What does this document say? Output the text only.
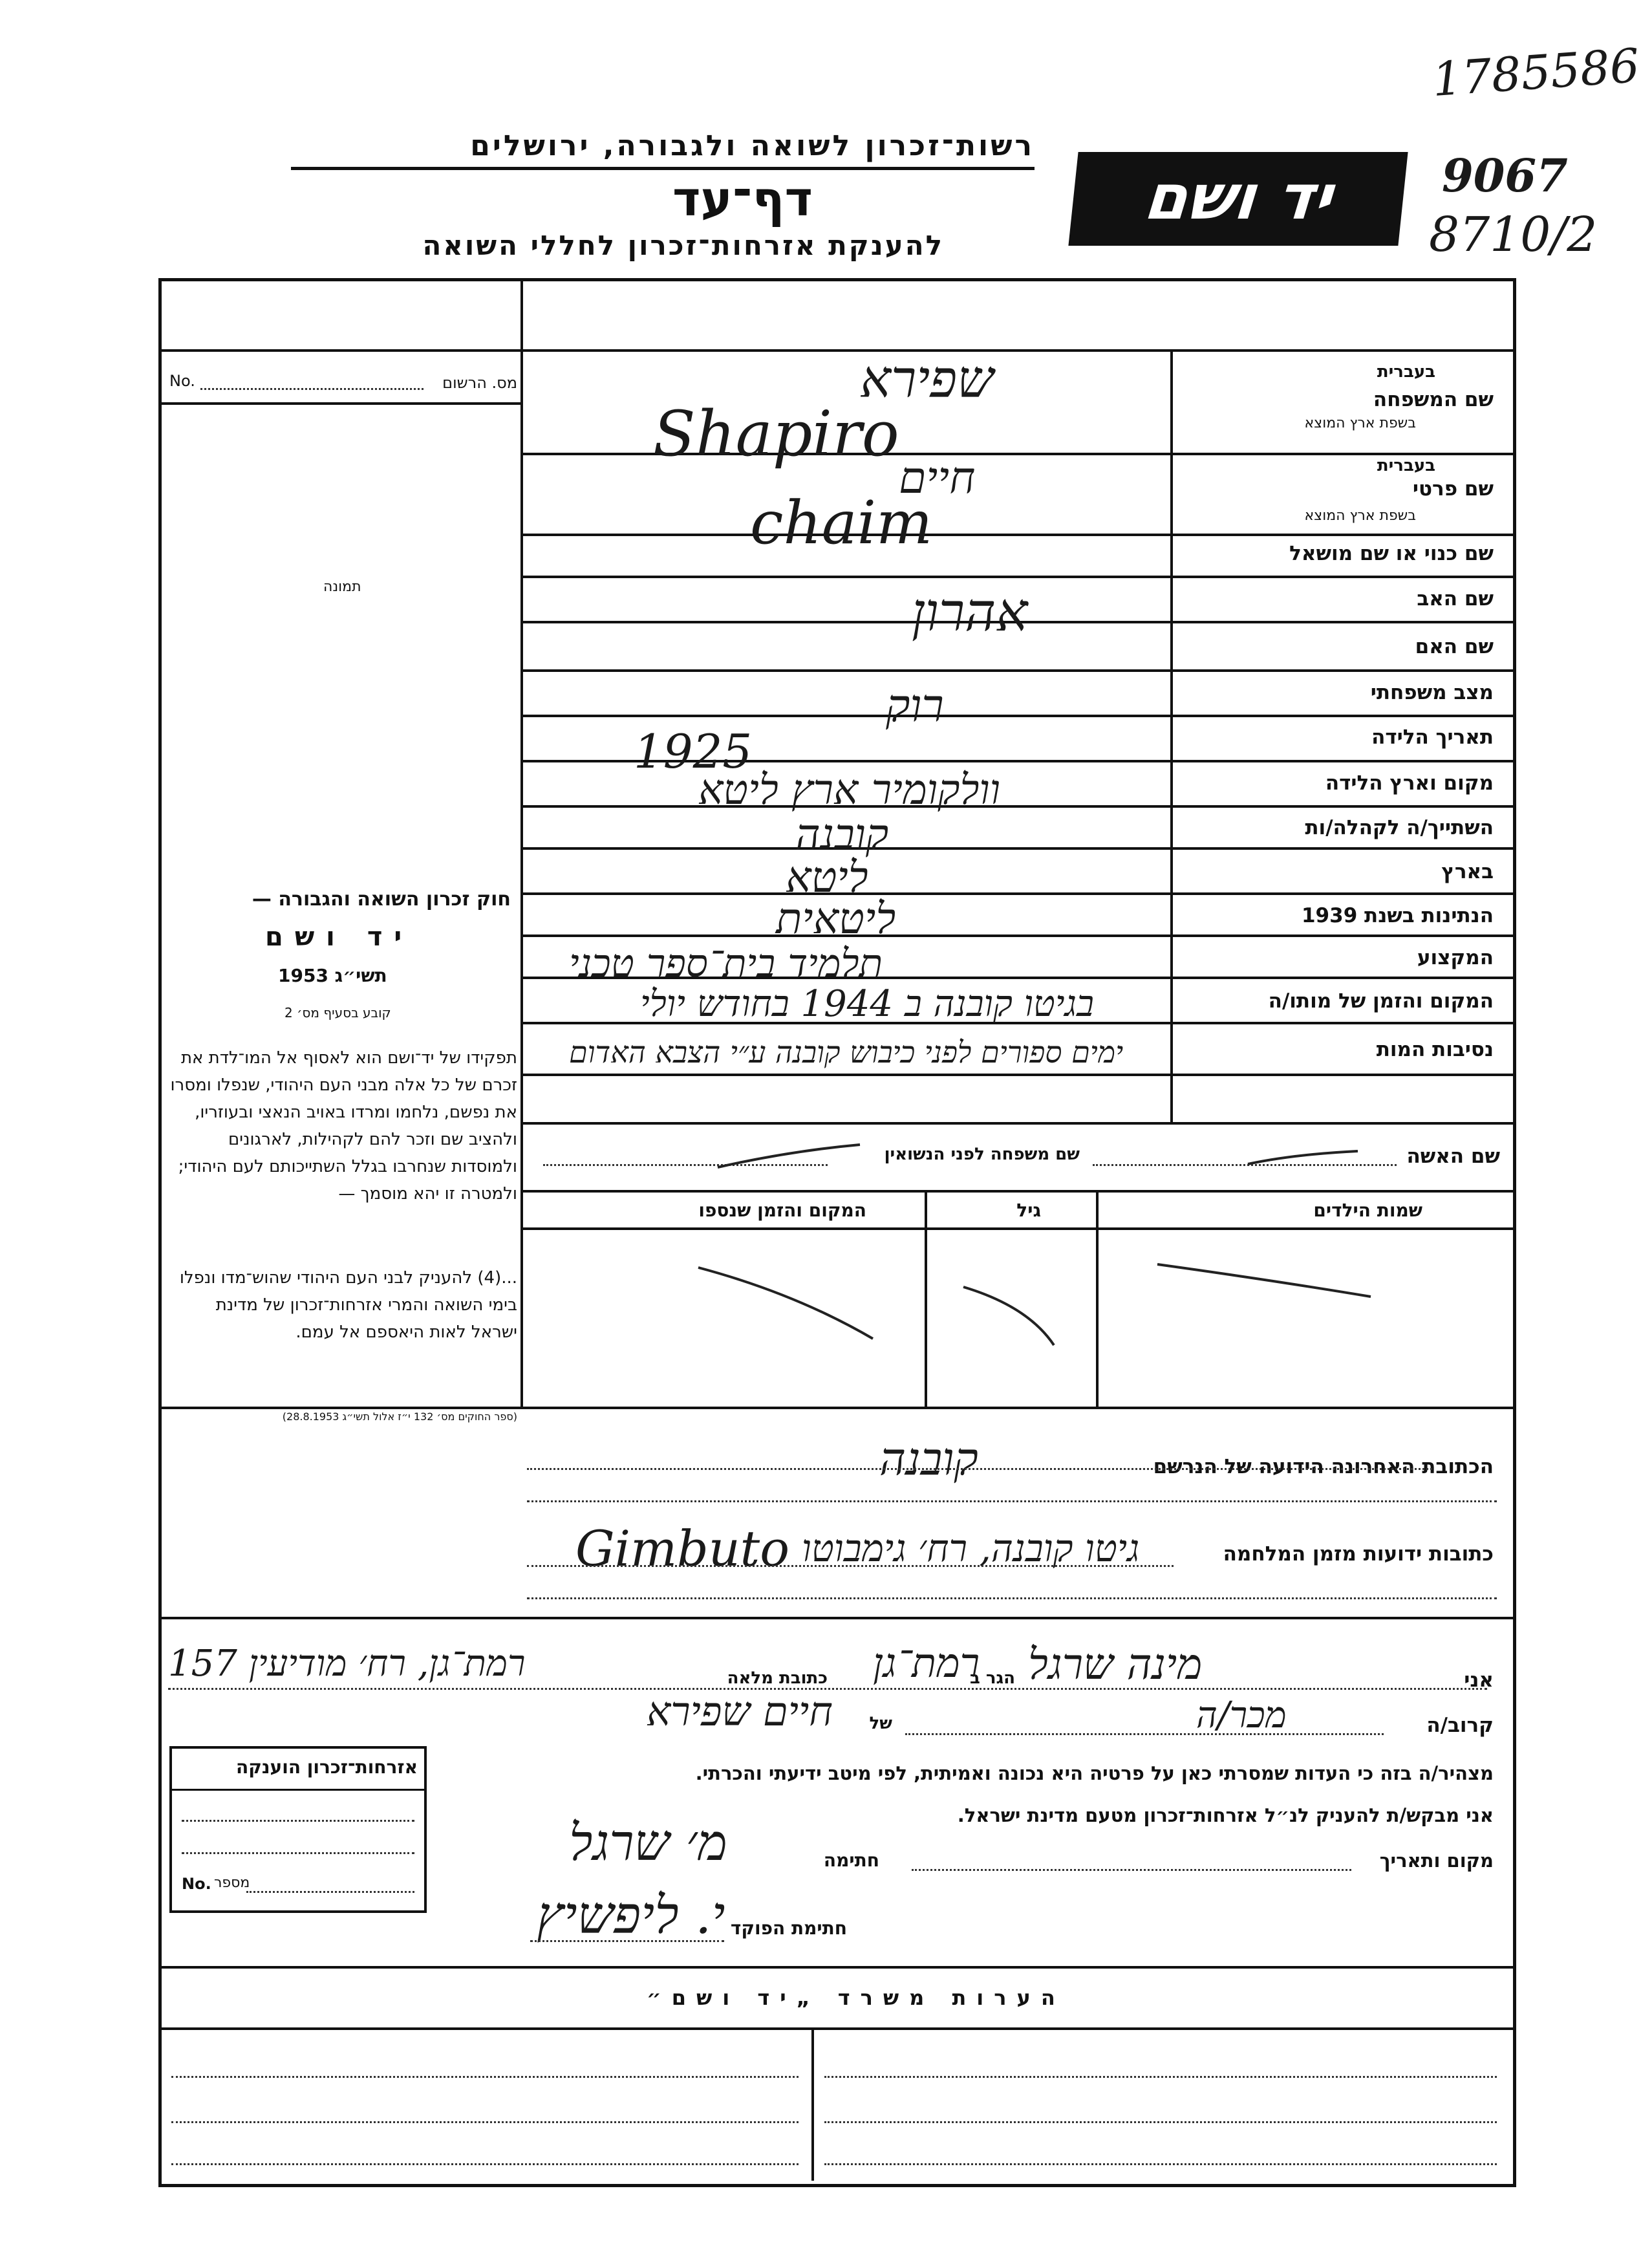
1785586
9067
8710/2
רשות־זכרון לשואה ולגבורה, ירושלים
דף־עד
להענקת אזרחות־זכרון לחללי השואה
יד ושם
מס. הרשום
No.
תמונה
שם המשפחה
בעברית
בשפת ארץ המוצא
שפירא
Shapiro
שם פרטי
בעברית
בשפת ארץ המוצא
חיים
chaim	שם כנוי או שם מושאל
שם האב
אהרון
שם האם
מצב משפחתי
רוק
תאריך הלידה
1925
מקום וארץ הלידה
וולקומיר ארץ ליטא
השתייך/ה לקהלה/ות
קובנה
בארץ
ליטא
הנתינות בשנת 1939
ליטאית
המקצוע
תלמיד בית־ספר טכני
המקום והזמן של מותו/ה
בגיטו קובנה ב 1944 בחודש יולי
נסיבות המות
ימים ספורים לפני כיבוש קובנה ע״י הצבא האדום
חוק זכרון השואה והגבורה —
יד ושם
תשי״ג 1953
קובע בסעיף מס׳ 2
תפקידו של יד־ושם הוא לאסוף אל המו־לדת את זכרם של כל אלה מבני העם היהודי, שנפלו ומסרו את נפשם, נלחמו ומרדו באויב הנאצי ובעוזריו, ולהציב שם וזכר להם לקהילות, לארגונים ולמוסדות שנחרבו בגלל השתייכותם לעם היהודי; ולמטרה זו יהא מוסמך —
...(4) להעניק לבני העם היהודי שהוש־מדו ונפלו בימי השואה והמרי אזרחות־זכרון של מדינת ישראל לאות היאספם אל עמם.
(ספר החוקים מס׳ 132 י״ז אלול תשי״ג 28.8.1953)
שם האשה
שם משפחה לפני הנשואין
שמות הילדים
גיל
המקום והזמן שנספו
הכתובת האחרונה הידועה של הנרשם
קובנה
כתובות ידועות מזמן המלחמה
Gimbuto גיטו קובנה, רח׳ גימבוטו
אני
מינה שרגל
הגר ב
רמת־גן
כתובת מלאה
רמת־גן, רח׳ מודיעין 157
קרוב/ה
מכר/ה
של
חיים שפירא
מצהיר/ה בזה כי העדות שמסרתי כאן על פרטיה היא נכונה ואמיתית, לפי מיטב ידיעתי והכרתי.
אני מבקש/ת להעניק לנ״ל אזרחות־זכרון מטעם מדינת ישראל.
מקום ותאריך
חתימה
מ׳ שרגל
חתימת הפוקד
י. ליפשיץ
אזרחות־זכרון הוענקה
No. מספר
הערות משרד „יד ושם״
